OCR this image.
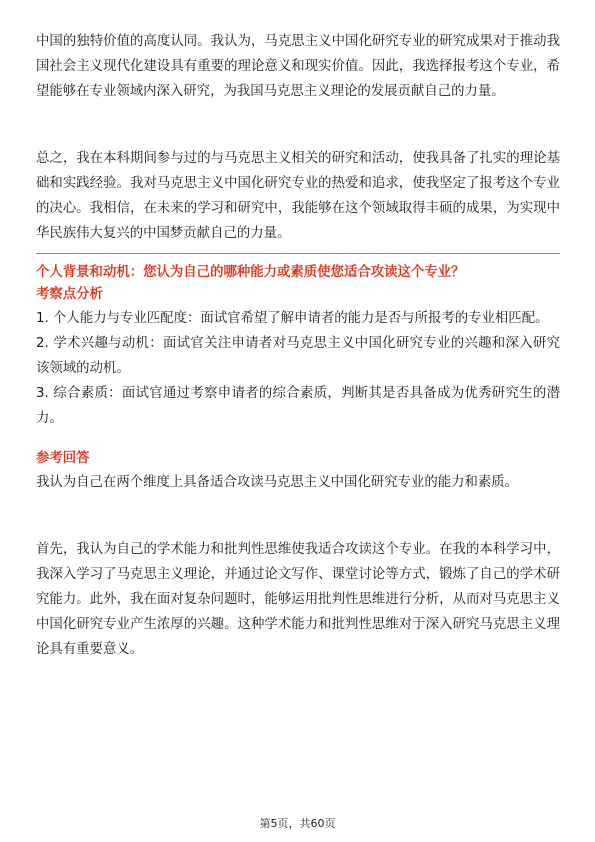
中国的独特价值的高度认同。我认为，马克思主义中国化研究专业的研究成果对于推动我国社会主义现代化建设具有重要的理论意义和现实价值。因此，我选择报考这个专业，希望能够在专业领域内深入研究，为我国马克思主义理论的发展贡献自己的力量。

总之，我在本科期间参与过的与马克思主义相关的研究和活动，使我具备了扎实的理论基础和实践经验。我对马克思主义中国化研究专业的热爱和追求，使我坚定了报考这个专业的决心。我相信，在未来的学习和研究中，我能够在这个领域取得丰硕的成果，为实现中华民族伟大复兴的中国梦贡献自己的力量。

个人背景和动机：您认为自己的哪种能力或素质使您适合攻读这个专业？
考察点分析

1. 个人能力与专业匹配度：面试官希望了解申请者的能力是否与所报考的专业相匹配。

2. 学术兴趣与动机：面试官关注申请者对马克思主义中国化研究专业的兴趣和深入研究该领域的动机。

3. 综合素质：面试官通过考察申请者的综合素质，判断其是否具备成为优秀研究生的潜力。

参考回答

我认为自己在两个维度上具备适合攻读马克思主义中国化研究专业的能力和素质。

首先，我认为自己的学术能力和批判性思维使我适合攻读这个专业。在我的本科学习中，我深入学习了马克思主义理论，并通过论文写作、课堂讨论等方式，锻炼了自己的学术研究能力。此外，我在面对复杂问题时，能够运用批判性思维进行分析，从而对马克思主义中国化研究专业产生浓厚的兴趣。这种学术能力和批判性思维对于深入研究马克思主义理论具有重要意义。

第5页，共60页
